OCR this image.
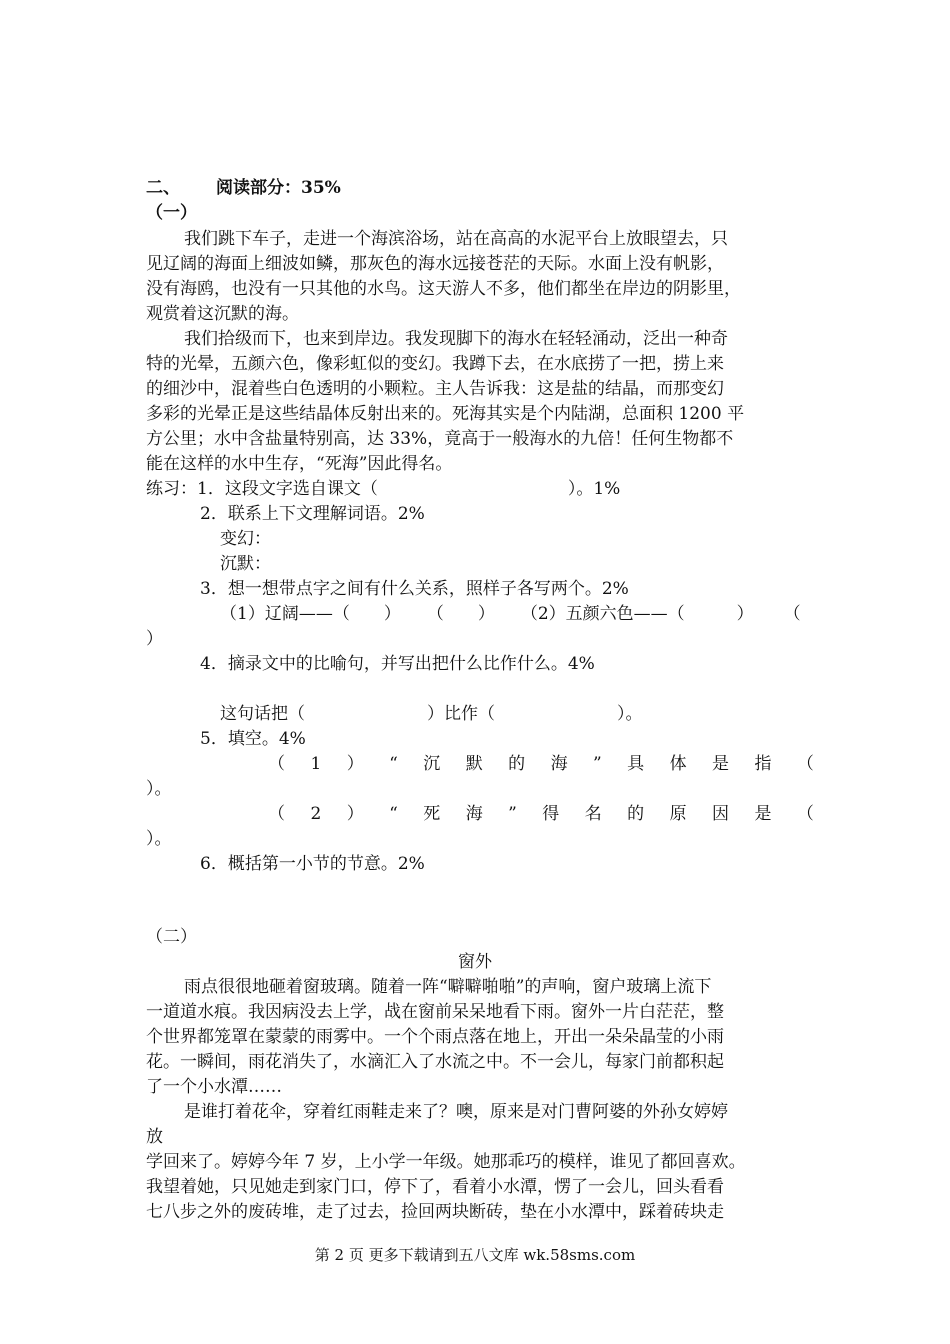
二、 阅读部分：35%
（一）
我们跳下车子，走进一个海滨浴场，站在高高的水泥平台上放眼望去，只
见辽阔的海面上细波如鳞，那灰色的海水远接苍茫的天际。水面上没有帆影，
没有海鸥，也没有一只其他的水鸟。这天游人不多，他们都坐在岸边的阴影里，
观赏着这沉默的海。
我们拾级而下，也来到岸边。我发现脚下的海水在轻轻涌动，泛出一种奇
特的光晕，五颜六色，像彩虹似的变幻。我蹲下去，在水底捞了一把，捞上来
的细沙中，混着些白色透明的小颗粒。主人告诉我：这是盐的结晶，而那变幻
多彩的光晕正是这些结晶体反射出来的。死海其实是个内陆湖，总面积 1200 平
方公里；水中含盐量特别高，达 33%，竟高于一般海水的九倍！任何生物都不
能在这样的水中生存，“死海”因此得名。
练习：1．这段文字选自课文（	）。1%
2．联系上下文理解词语。2%
变幻：
沉默：
3．想一想带点字之间有什么关系，照样子各写两个。2%
（1）辽阔——（ ） （ ） （2）五颜六色——（	） （
）
4．摘录文中的比喻句，并写出把什么比作什么。4%
这句话把（	）比作（	）。
5．填空。4%
（ 1 ） “ 沉 默 的 海 ” 具 体 是 指 （
）。
（ 2 ） “ 死 海 ” 得 名 的 原 因 是 （
）。
6．概括第一小节的节意。2%
（二）
窗外
雨点很很地砸着窗玻璃。随着一阵“噼噼啪啪”的声响，窗户玻璃上流下
一道道水痕。我因病没去上学，战在窗前呆呆地看下雨。窗外一片白茫茫，整
个世界都笼罩在蒙蒙的雨雾中。一个个雨点落在地上，开出一朵朵晶莹的小雨
花。一瞬间，雨花消失了，水滴汇入了水流之中。不一会儿，每家门前都积起
了一个小水潭……
是谁打着花伞，穿着红雨鞋走来了？噢，原来是对门曹阿婆的外孙女婷婷
放
学回来了。婷婷今年 7 岁，上小学一年级。她那乖巧的模样，谁见了都回喜欢。
我望着她，只见她走到家门口，停下了，看着小水潭，愣了一会儿，回头看看
七八步之外的废砖堆，走了过去，捡回两块断砖，垫在小水潭中，踩着砖块走
第 2 页 更多下载请到五八文库 wk.58sms.com
